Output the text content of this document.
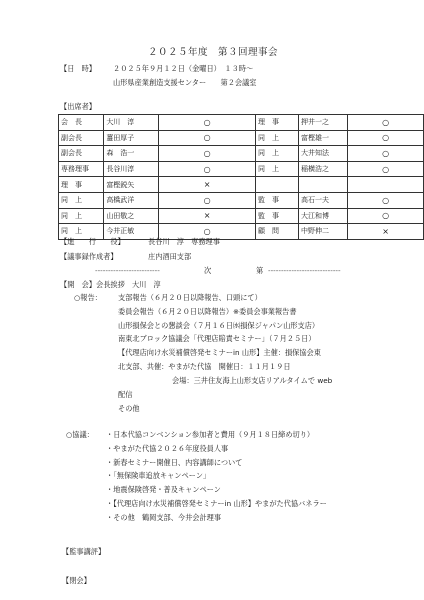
２０２５年度　第３回理事会
【日　時】 ２０２５年９月１２日（金曜日）　１３時～
山形県産業創造支援センター　　第２会議室
【出席者】
会　長	大川　淳	○	理　事	押井一之	○
副会長	薑田厚子	○	同　上	富樫雄一	○
副会長	森　浩一	○	同　上	大井知法	○
専務理事	長谷川淳	○	同　上	稲横浩之	○
理　事	富樫鋭矢	×			
同　上	高橋武洋	○	監　事	高石一夫	○
同　上	山田敬之	×	監　事	大江和博	○
同　上	今井正敏	○	顧　問	中野伸二	×
【進　　行　　役】	長谷川　淳　専務理事
【議事録作成者】	庄内酒田支部
-------------------------	次	第 ----------------------------
【開　会】 会長挨拶　大川　淳
○報告： 支部報告（６月２０日以降報告、口頭にて）
委員会報告（６月２０日以降報告）※委員会事業報告書
山形損保会との懇談会（７月１６日㈬損保ジャパン山形支店）
南東北ブロック協議会「代理店賠責セミナー」（７月２５日）
【代理店向け水災補償啓発セミナーin 山形】主催：損保協会東
北支部、共催：やまがた代協　開催日：１１月１９日
会場：三井住友海上山形支店リアルタイムで web
配信
その他
○協議： ・日本代協コンベンション参加者と費用（９月１８日締め切り）
・やまがた代協２０２６年度役員人事
・新春セミナー開催日、内容講師について
・「無保険車追放キャンペーン」
・地震保険啓発・普及キャンペーン
・【代理店向け水災補償啓発セミナーin 山形】やまがた代協バネラー
・その他　鶴岡支部、今井会計理事
【監事講評】
【閉会】
